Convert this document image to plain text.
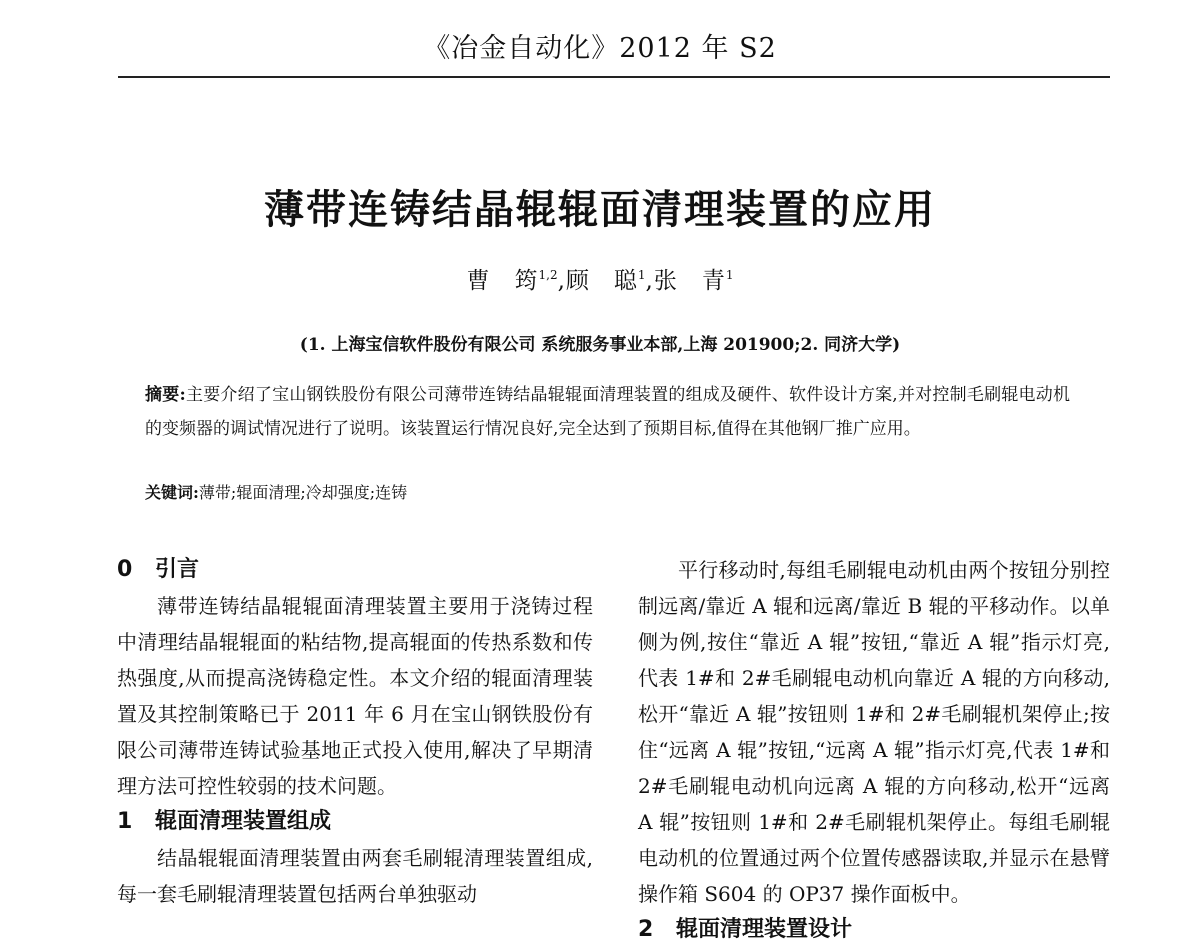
《冶金自动化》2012 年 S2
薄带连铸结晶辊辊面清理装置的应用
曹　筠$^{1,2}$,顾　聪$^1$,张　青$^1$
(1. 上海宝信软件股份有限公司 系统服务事业本部,上海 201900;2. 同济大学)
摘要:主要介绍了宝山钢铁股份有限公司薄带连铸结晶辊辊面清理装置的组成及硬件、软件设计方案,并对控制毛刷辊电动机的变频器的调试情况进行了说明。该装置运行情况良好,完全达到了预期目标,值得在其他钢厂推广应用。
关键词:薄带;辊面清理;冷却强度;连铸
0 引言

薄带连铸结晶辊辊面清理装置主要用于浇铸过程中清理结晶辊辊面的粘结物,提高辊面的传热系数和传热强度,从而提高浇铸稳定性。本文介绍的辊面清理装置及其控制策略已于 2011 年 6 月在宝山钢铁股份有限公司薄带连铸试验基地正式投入使用,解决了早期清理方法可控性较弱的技术问题。

1 辊面清理装置组成

结晶辊辊面清理装置由两套毛刷辊清理装置组成,每一套毛刷辊清理装置包括两台单独驱动

平行移动时,每组毛刷辊电动机由两个按钮分别控制远离/靠近 A 辊和远离/靠近 B 辊的平移动作。以单侧为例,按住“靠近 A 辊”按钮,“靠近 A 辊”指示灯亮,代表 1#和 2#毛刷辊电动机向靠近 A 辊的方向移动,松开“靠近 A 辊”按钮则 1#和 2#毛刷辊机架停止;按住“远离 A 辊”按钮,“远离 A 辊”指示灯亮,代表 1#和 2#毛刷辊电动机向远离 A 辊的方向移动,松开“远离 A 辊”按钮则 1#和 2#毛刷辊机架停止。每组毛刷辊电动机的位置通过两个位置传感器读取,并显示在悬臂操作箱 S604 的 OP37 操作面板中。

2 辊面清理装置设计
